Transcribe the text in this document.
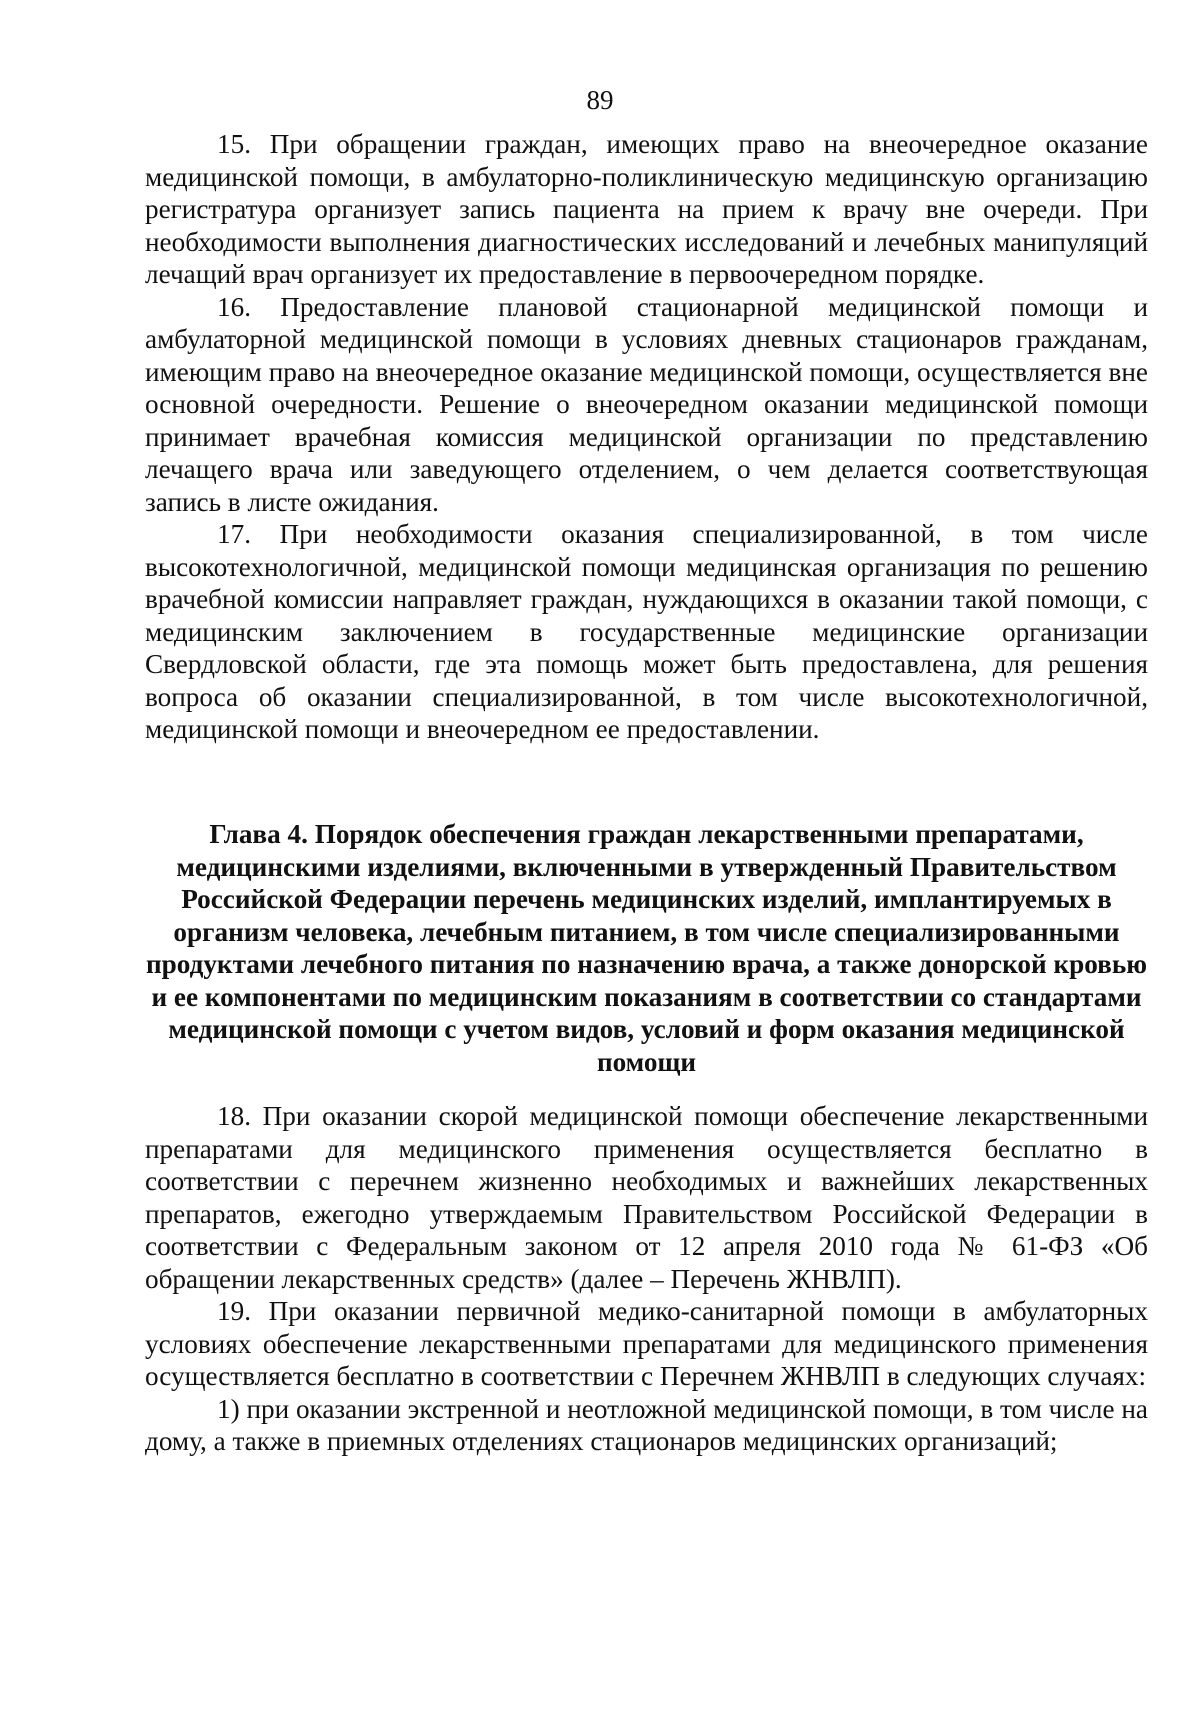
89

15. При обращении граждан, имеющих право на внеочередное оказание медицинской помощи, в амбулаторно-поликлиническую медицинскую организацию регистратура организует запись пациента на прием к врачу вне очереди. При необходимости выполнения диагностических исследований и лечебных манипуляций лечащий врач организует их предоставление в первоочередном порядке.

16. Предоставление плановой стационарной медицинской помощи и амбулаторной медицинской помощи в условиях дневных стационаров гражданам, имеющим право на внеочередное оказание медицинской помощи, осуществляется вне основной очередности. Решение о внеочередном оказании медицинской помощи принимает врачебная комиссия медицинской организации по представлению лечащего врача или заведующего отделением, о чем делается соответствующая запись в листе ожидания.

17. При необходимости оказания специализированной, в том числе высокотехнологичной, медицинской помощи медицинская организация по решению врачебной комиссии направляет граждан, нуждающихся в оказании такой помощи, с медицинским заключением в государственные медицинские организации Свердловской области, где эта помощь может быть предоставлена, для решения вопроса об оказании специализированной, в том числе высокотехнологичной, медицинской помощи и внеочередном ее предоставлении.

Глава 4. Порядок обеспечения граждан лекарственными препаратами, медицинскими изделиями, включенными в утвержденный Правительством Российской Федерации перечень медицинских изделий, имплантируемых в организм человека, лечебным питанием, в том числе специализированными продуктами лечебного питания по назначению врача, а также донорской кровью и ее компонентами по медицинским показаниям в соответствии со стандартами медицинской помощи с учетом видов, условий и форм оказания медицинской помощи

18. При оказании скорой медицинской помощи обеспечение лекарственными препаратами для медицинского применения осуществляется бесплатно в соответствии с перечнем жизненно необходимых и важнейших лекарственных препаратов, ежегодно утверждаемым Правительством Российской Федерации в соответствии с Федеральным законом от 12 апреля 2010 года № 61-ФЗ «Об обращении лекарственных средств» (далее – Перечень ЖНВЛП).

19. При оказании первичной медико-санитарной помощи в амбулаторных условиях обеспечение лекарственными препаратами для медицинского применения осуществляется бесплатно в соответствии с Перечнем ЖНВЛП в следующих случаях:

1) при оказании экстренной и неотложной медицинской помощи, в том числе на дому, а также в приемных отделениях стационаров медицинских организаций;
